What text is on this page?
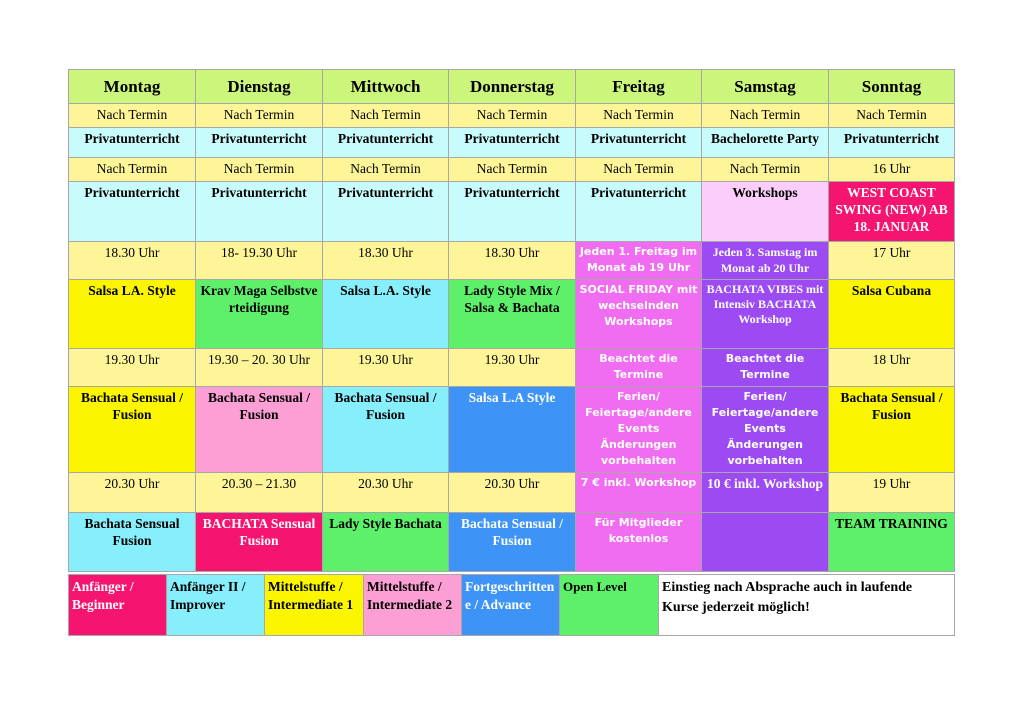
Montag	Dienstag	Mittwoch	Donnerstag	Freitag	Samstag	Sonntag
Nach Termin	Nach Termin	Nach Termin	Nach Termin	Nach Termin	Nach Termin	Nach Termin
Privatunterricht	Privatunterricht	Privatunterricht	Privatunterricht	Privatunterricht	Bachelorette Party	Privatunterricht
Nach Termin	Nach Termin	Nach Termin	Nach Termin	Nach Termin	Nach Termin	16 Uhr
Privatunterricht	Privatunterricht	Privatunterricht	Privatunterricht	Privatunterricht	Workshops	WEST COAST SWING (NEW) AB 18. JANUAR
18.30 Uhr	18- 19.30 Uhr	18.30 Uhr	18.30 Uhr	Jeden 1. Freitag im Monat ab 19 Uhr	Jeden 3. Samstag im Monat ab 20 Uhr	17 Uhr
Salsa LA. Style	Krav Maga Selbstverteidigung	Salsa L.A. Style	Lady Style Mix / Salsa & Bachata	SOCIAL FRIDAY mit wechselnden Workshops	BACHATA VIBES mit Intensiv BACHATA Workshop	Salsa Cubana
19.30 Uhr	19.30 – 20. 30 Uhr	19.30 Uhr	19.30 Uhr	Beachtet die Termine	Beachtet die Termine	18 Uhr
Bachata Sensual / Fusion	Bachata Sensual / Fusion	Bachata Sensual / Fusion	Salsa L.A Style	Ferien/ Feiertage/andere Events Änderungen vorbehalten	Ferien/ Feiertage/andere Events Änderungen vorbehalten	Bachata Sensual / Fusion
20.30 Uhr	20.30 – 21.30	20.30 Uhr	20.30 Uhr	7 € inkl. Workshop	10 € inkl. Workshop	19 Uhr
Bachata Sensual Fusion	BACHATA Sensual Fusion	Lady Style Bachata	Bachata Sensual / Fusion	Für Mitglieder kostenlos		TEAM TRAINING
Anfänger / Beginner	Anfänger II / Improver	Mittelstuffe / Intermediate 1	Mittelstuffe / Intermediate 2	Fortgeschrittene / Advance	Open Level	Einstieg nach Absprache auch in laufende Kurse jederzeit möglich!
